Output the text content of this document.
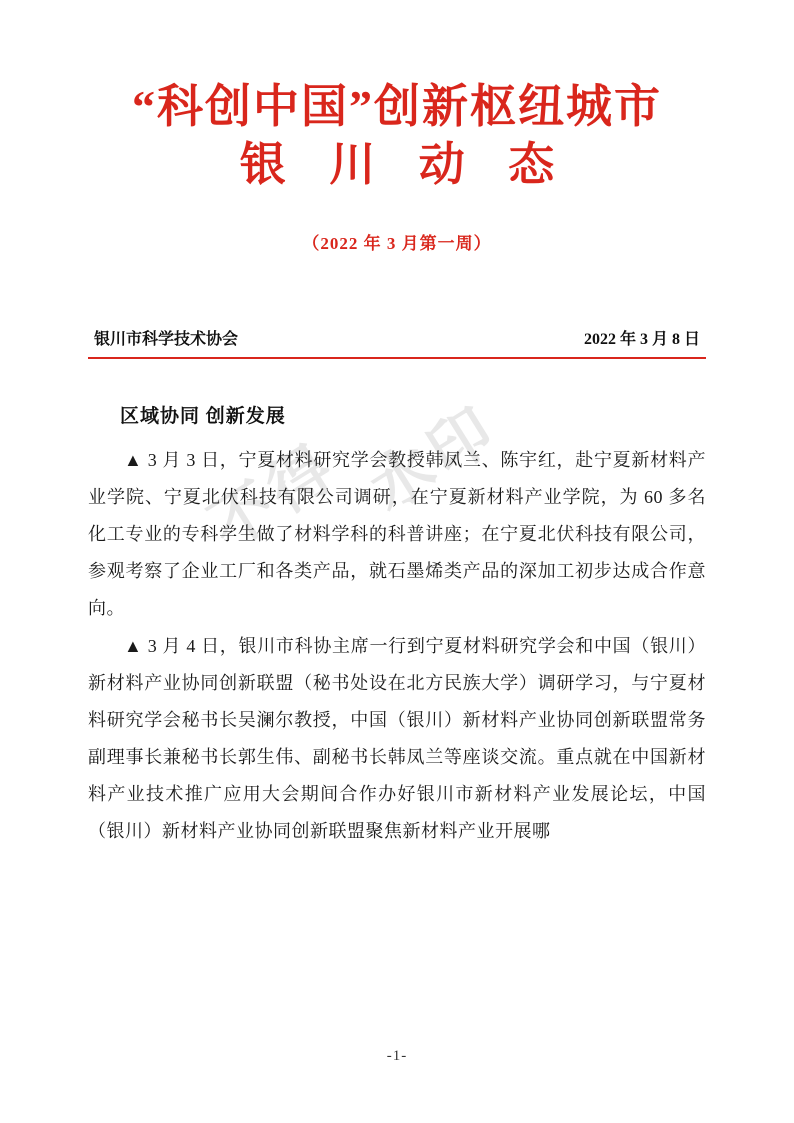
不得 水印
“科创中国”创新枢纽城市
银 川 动 态
（2022 年 3 月第一周）
银川市科学技术协会	2022 年 3 月 8 日
区域协同 创新发展

▲ 3 月 3 日，宁夏材料研究学会教授韩凤兰、陈宇红，赴宁夏新材料产业学院、宁夏北伏科技有限公司调研，在宁夏新材料产业学院，为 60 多名化工专业的专科学生做了材料学科的科普讲座；在宁夏北伏科技有限公司，参观考察了企业工厂和各类产品，就石墨烯类产品的深加工初步达成合作意向。

▲ 3 月 4 日，银川市科协主席一行到宁夏材料研究学会和中国（银川）新材料产业协同创新联盟（秘书处设在北方民族大学）调研学习，与宁夏材料研究学会秘书长吴澜尔教授，中国（银川）新材料产业协同创新联盟常务副理事长兼秘书长郭生伟、副秘书长韩凤兰等座谈交流。重点就在中国新材料产业技术推广应用大会期间合作办好银川市新材料产业发展论坛，中国（银川）新材料产业协同创新联盟聚焦新材料产业开展哪

-1-
